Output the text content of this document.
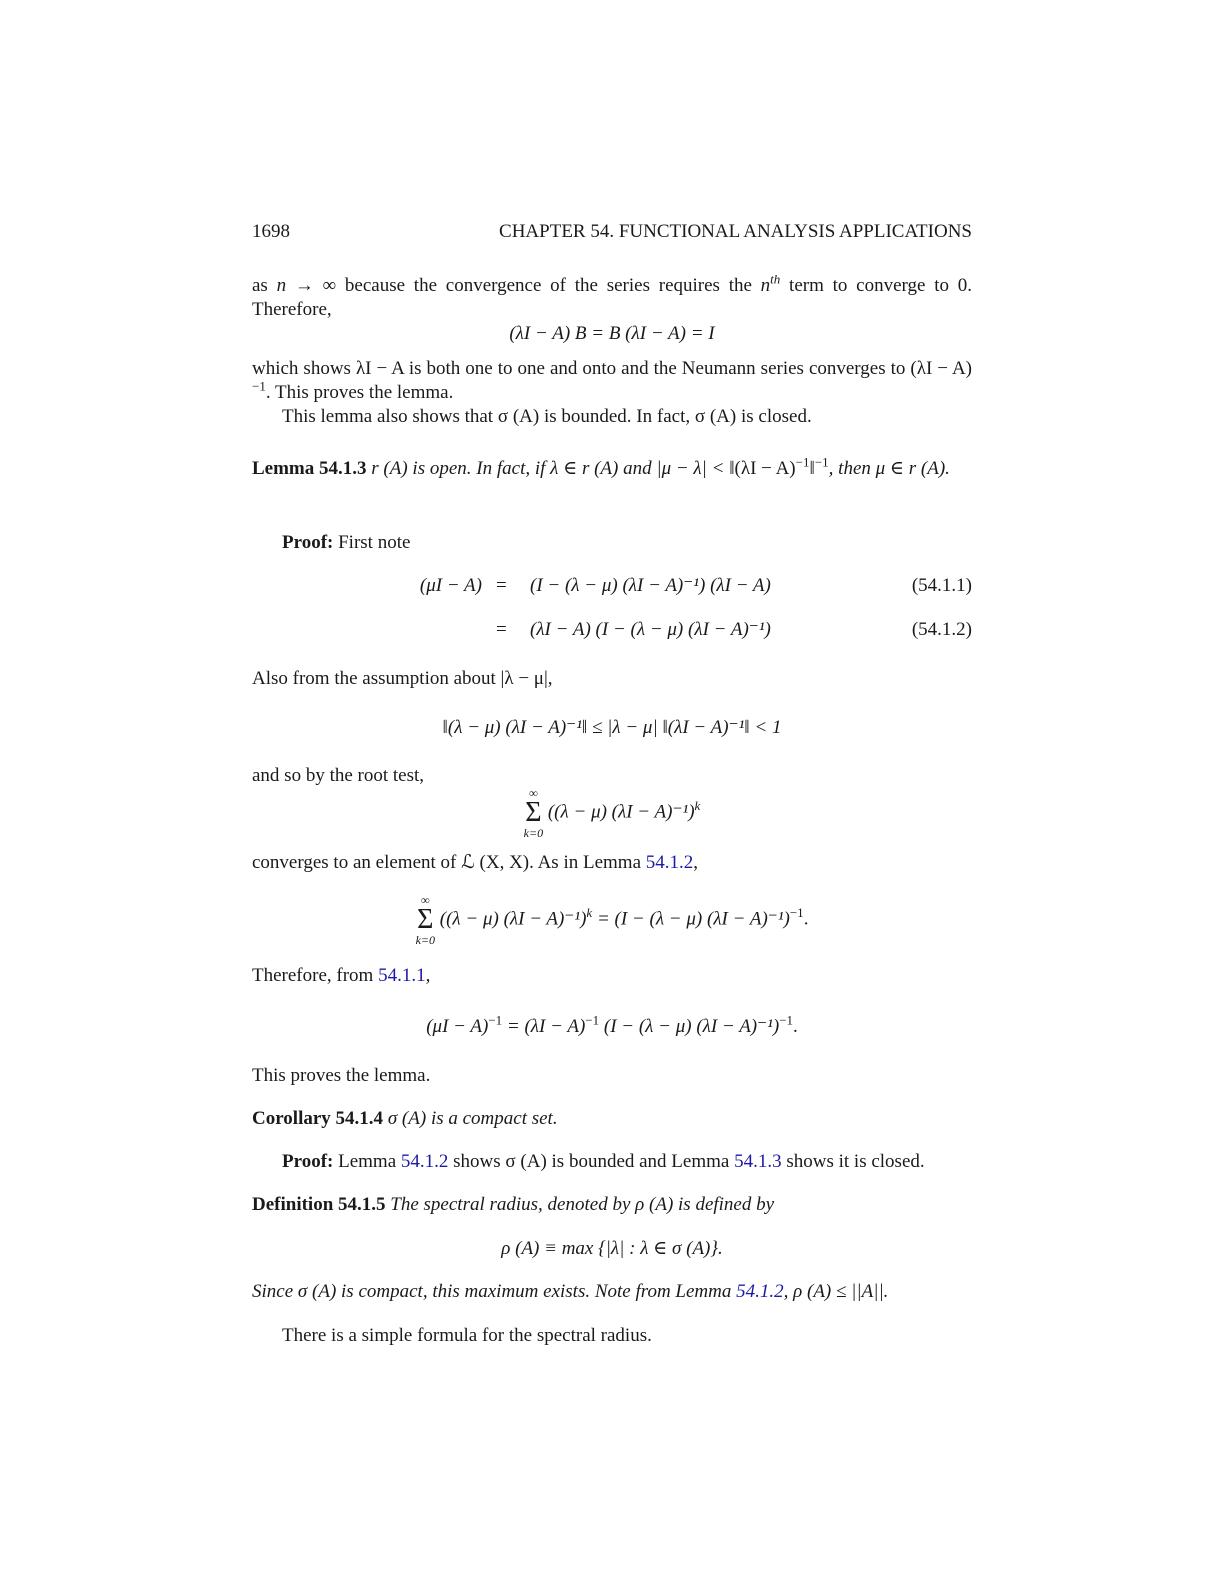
1698	CHAPTER 54. FUNCTIONAL ANALYSIS APPLICATIONS
as n → ∞ because the convergence of the series requires the $n^{th}$ term to converge to 0. Therefore,
(λI − A) B = B (λI − A) = I
which shows λI − A is both one to one and onto and the Neumann series converges to $(\lambda I - A)^{-1}$. This proves the lemma.
This lemma also shows that σ (A) is bounded. In fact, σ (A) is closed.
Lemma 54.1.3 r (A) is open. In fact, if λ ∈ r (A) and |μ − λ| < ‖(λI − A)$^{-1}$‖$^{-1}$, then μ ∈ r (A).
Proof: First note
(μI − A) = (I − (λ − μ) (λI − A)⁻¹) (λI − A)	(54.1.1)
= (λI − A) (I − (λ − μ) (λI − A)⁻¹)	(54.1.2)
Also from the assumption about |λ − μ|,
‖(λ − μ) (λI − A)⁻¹‖ ≤ |λ − μ| ‖(λI − A)⁻¹‖ < 1
and so by the root test,
∞
Σ
k=0
((λ − μ) (λI − A)⁻¹)$^k$
converges to an element of ℒ (X, X). As in Lemma 54.1.2,
∞
Σ
k=0
((λ − μ) (λI − A)⁻¹)$^k$ = (I − (λ − μ) (λI − A)⁻¹)$^{-1}$.
Therefore, from 54.1.1,
$(\mu I - A)^{-1} = (\lambda I - A)^{-1}$ (I − (λ − μ) (λI − A)⁻¹)$^{-1}$.
This proves the lemma.
Corollary 54.1.4 σ (A) is a compact set.
Proof: Lemma 54.1.2 shows σ (A) is bounded and Lemma 54.1.3 shows it is closed.
Definition 54.1.5 The spectral radius, denoted by ρ (A) is defined by
ρ (A) ≡ max {|λ| : λ ∈ σ (A)}.
Since σ (A) is compact, this maximum exists. Note from Lemma 54.1.2, ρ (A) ≤ ||A||.
There is a simple formula for the spectral radius.
